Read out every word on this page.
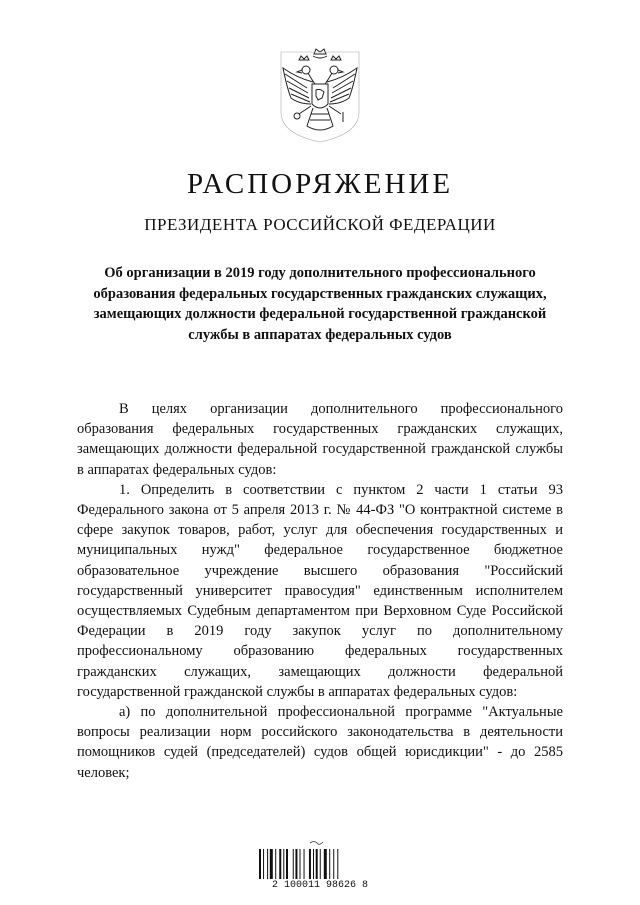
РАСПОРЯЖЕНИЕ
ПРЕЗИДЕНТА РОССИЙСКОЙ ФЕДЕРАЦИИ
Об организации в 2019 году дополнительного профессионального образования федеральных государственных гражданских служащих, замещающих должности федеральной государственной гражданской службы в аппаратах федеральных судов

В целях организации дополнительного профессионального образования федеральных государственных гражданских служащих, замещающих должности федеральной государственной гражданской службы в аппаратах федеральных судов:

1. Определить в соответствии с пунктом 2 части 1 статьи 93 Федерального закона от 5 апреля 2013 г. № 44-ФЗ "О контрактной системе в сфере закупок товаров, работ, услуг для обеспечения государственных и муниципальных нужд" федеральное государственное бюджетное образовательное учреждение высшего образования "Российский государственный университет правосудия" единственным исполнителем осуществляемых Судебным департаментом при Верховном Суде Российской Федерации в 2019 году закупок услуг по дополнительному профессиональному образованию федеральных государственных гражданских служащих, замещающих должности федеральной государственной гражданской службы в аппаратах федеральных судов:

а) по дополнительной профессиональной программе "Актуальные вопросы реализации норм российского законодательства в деятельности помощников судей (председателей) судов общей юрисдикции" - до 2585 человек;

2 100011 98626 8
